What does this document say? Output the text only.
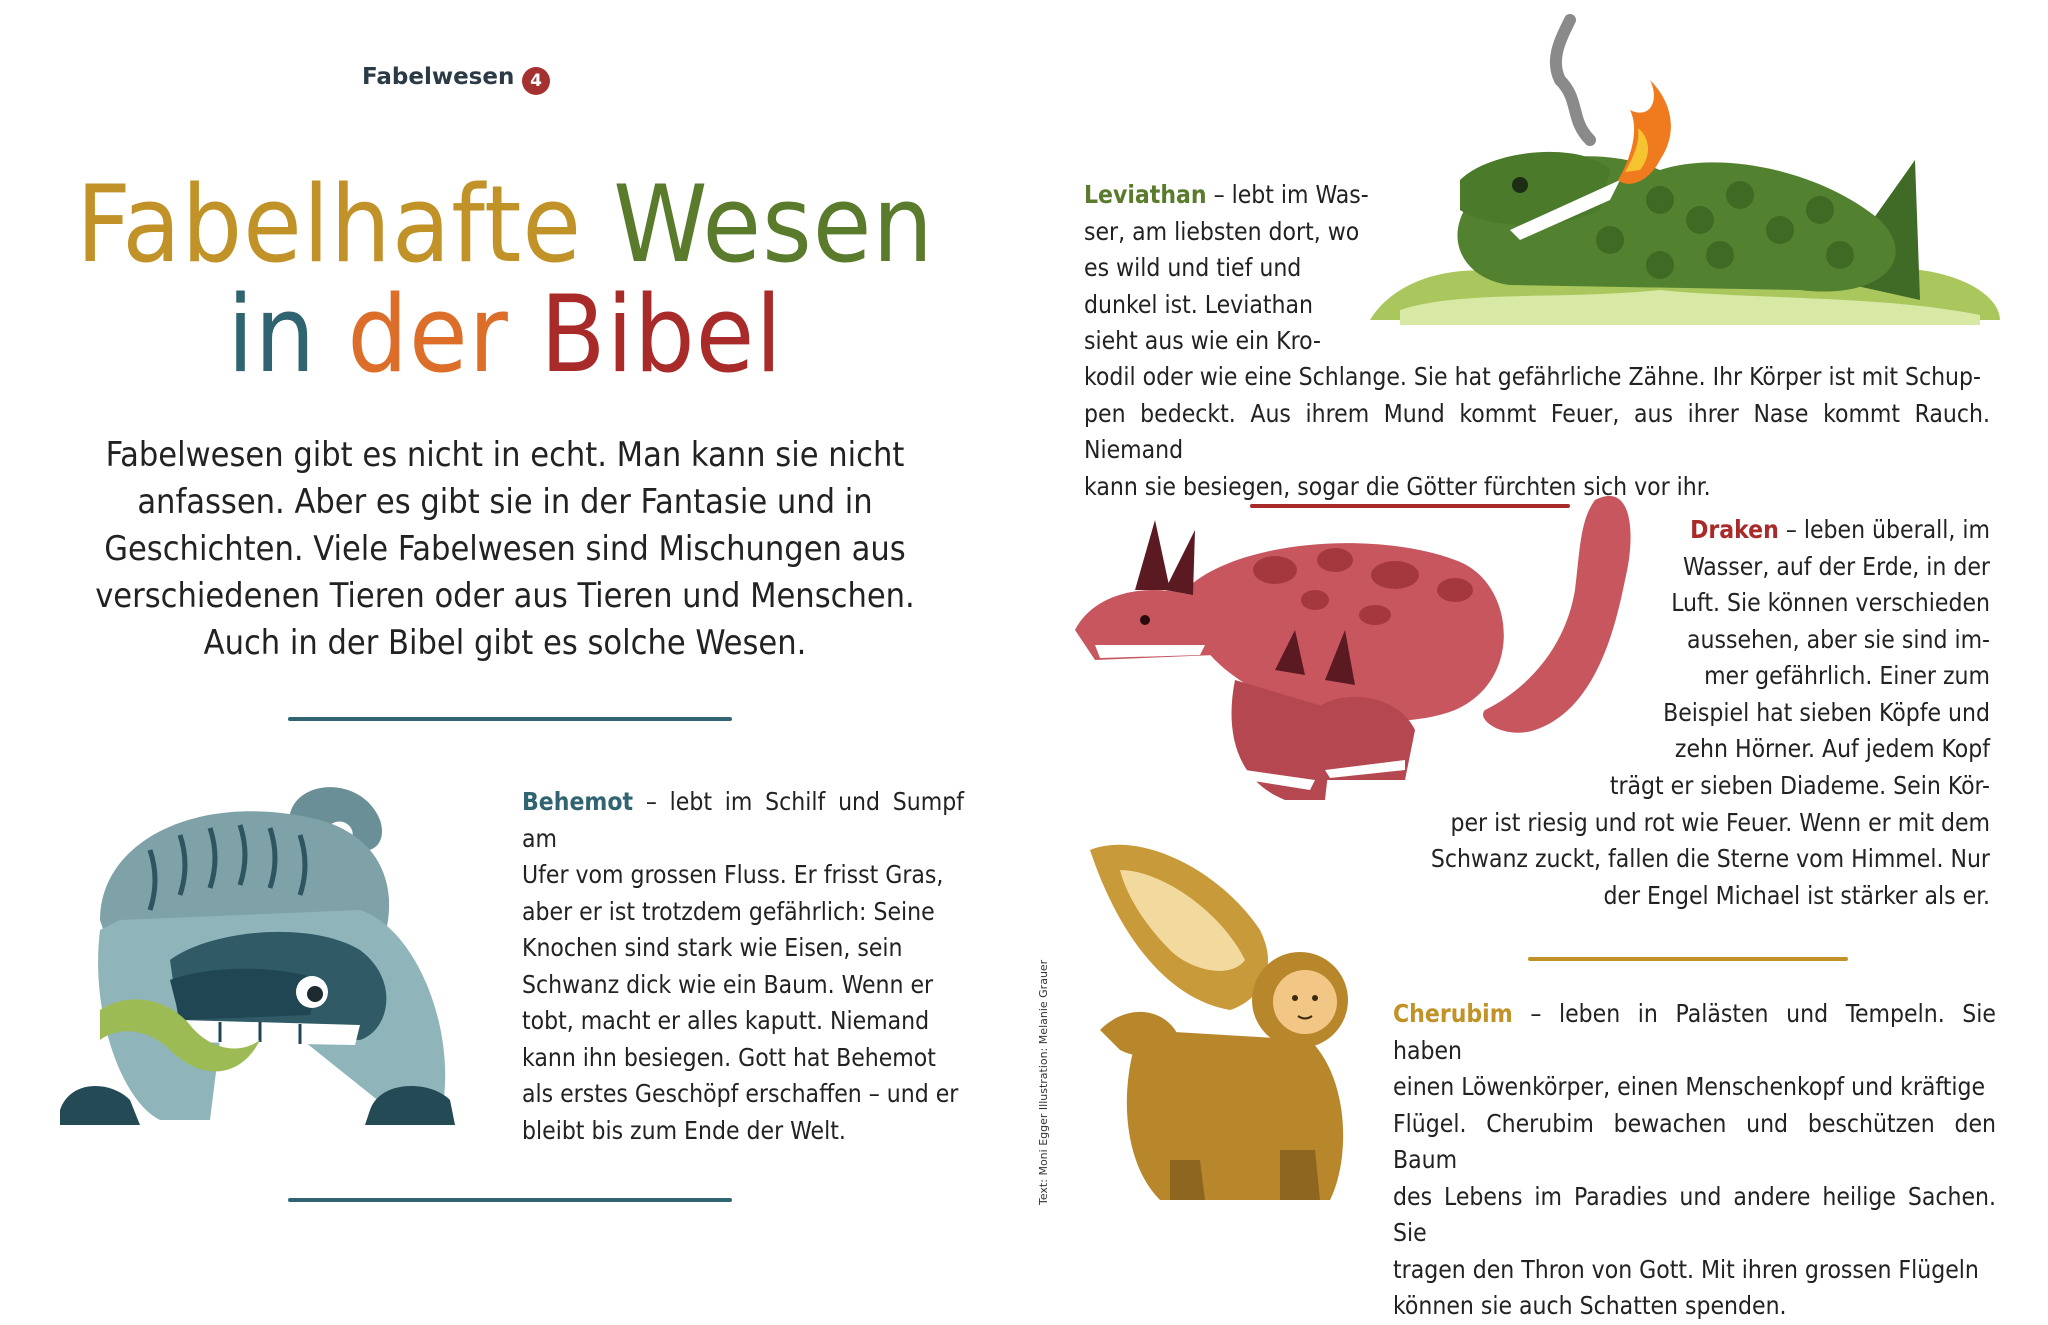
Fabelwesen 4
Fabelhafte Wesen
in der Bibel
Fabelwesen gibt es nicht in echt. Man kann sie nicht
anfassen. Aber es gibt sie in der Fantasie und in
Geschichten. Viele Fabelwesen sind Mischungen aus
verschiedenen Tieren oder aus Tieren und Menschen.
Auch in der Bibel gibt es solche Wesen.
Behemot – lebt im Schilf und Sumpf am
Ufer vom grossen Fluss. Er frisst Gras,
aber er ist trotzdem gefährlich: Seine
Knochen sind stark wie Eisen, sein
Schwanz dick wie ein Baum. Wenn er
tobt, macht er alles kaputt. Niemand
kann ihn besiegen. Gott hat Behemot
als erstes Geschöpf erschaffen – und er
bleibt bis zum Ende der Welt.
Leviathan – lebt im Was-
ser, am liebsten dort, wo
es wild und tief und
dunkel ist. Leviathan
sieht aus wie ein Kro-
kodil oder wie eine Schlange. Sie hat gefährliche Zähne. Ihr Körper ist mit Schup-
pen bedeckt. Aus ihrem Mund kommt Feuer, aus ihrer Nase kommt Rauch. Niemand
kann sie besiegen, sogar die Götter fürchten sich vor ihr.
Draken – leben überall, im
Wasser, auf der Erde, in der
Luft. Sie können verschieden
aussehen, aber sie sind im-
mer gefährlich. Einer zum
Beispiel hat sieben Köpfe und
zehn Hörner. Auf jedem Kopf
trägt er sieben Diademe. Sein Kör-
per ist riesig und rot wie Feuer. Wenn er mit dem
Schwanz zuckt, fallen die Sterne vom Himmel. Nur
der Engel Michael ist stärker als er.
Cherubim – leben in Palästen und Tempeln. Sie haben
einen Löwenkörper, einen Menschenkopf und kräftige
Flügel. Cherubim bewachen und beschützen den Baum
des Lebens im Paradies und andere heilige Sachen. Sie
tragen den Thron von Gott. Mit ihren grossen Flügeln
können sie auch Schatten spenden.
Text: Moni Egger Illustration: Melanie Grauer
